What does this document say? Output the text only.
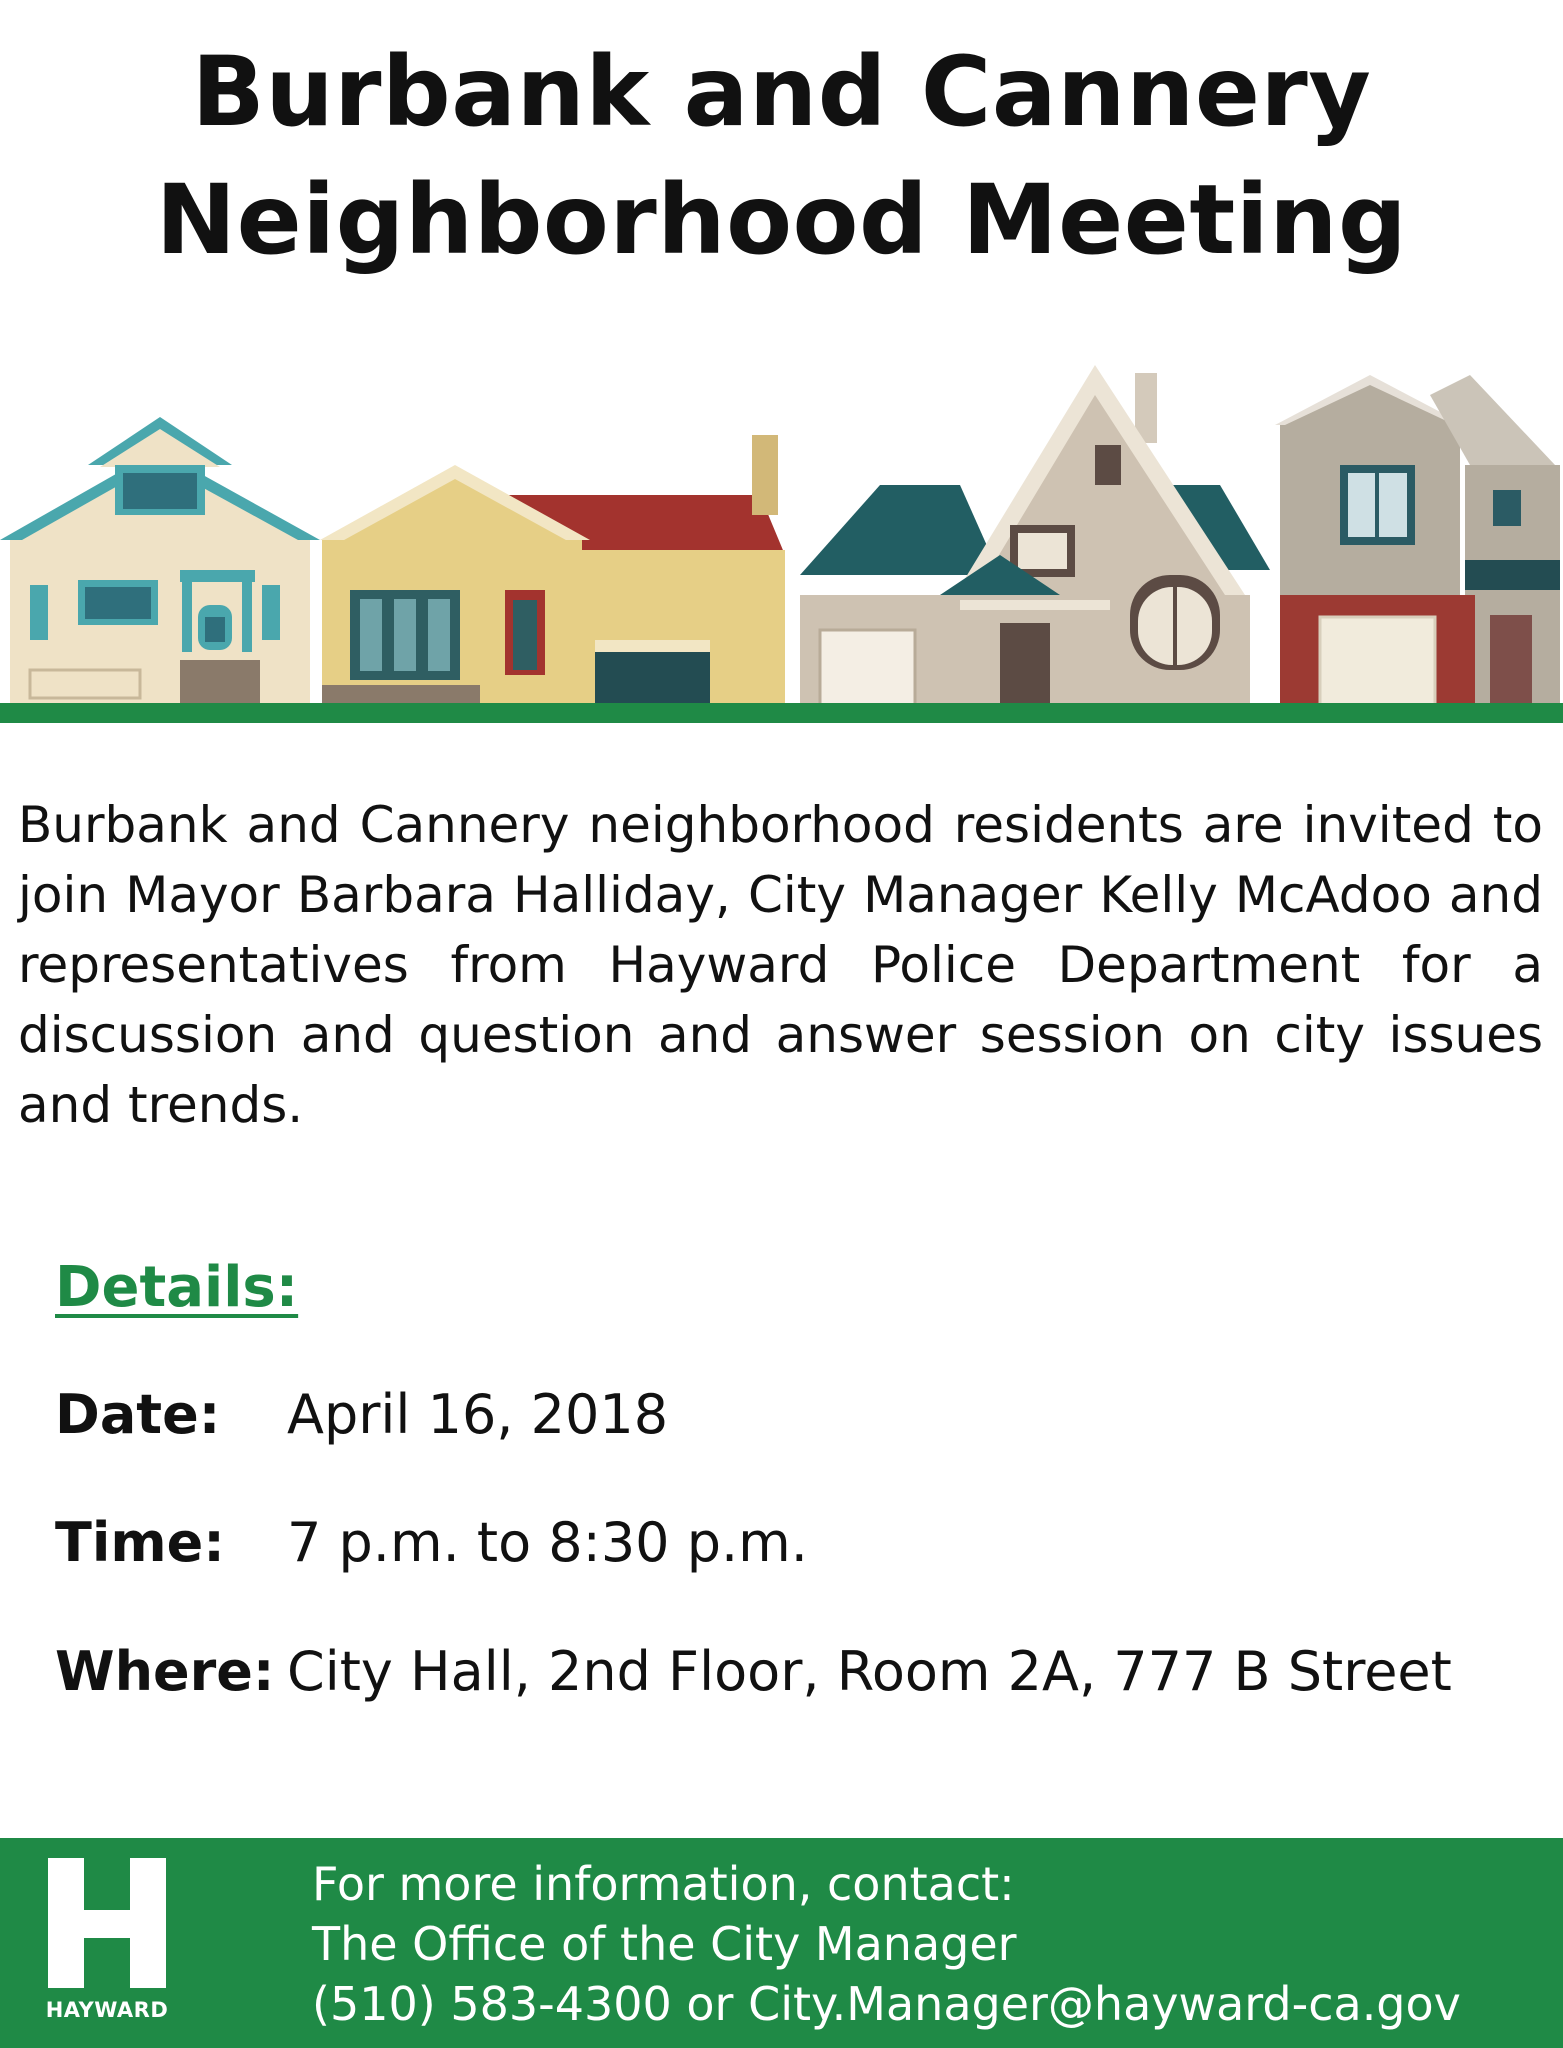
Burbank and Cannery
Neighborhood Meeting
Burbank and Cannery neighborhood residents are invited to join Mayor Barbara Halliday, City Manager Kelly McAdoo and representatives from Hayward Police Department for a discussion and question and answer session on city issues and trends.
Details:
Date: April 16, 2018
Time: 7 p.m. to 8:30 p.m.
Where: City Hall, 2nd Floor, Room 2A, 777 B Street
HAYWARD
For more information, contact:
The Office of the City Manager
(510) 583-4300 or City.Manager@hayward-ca.gov
